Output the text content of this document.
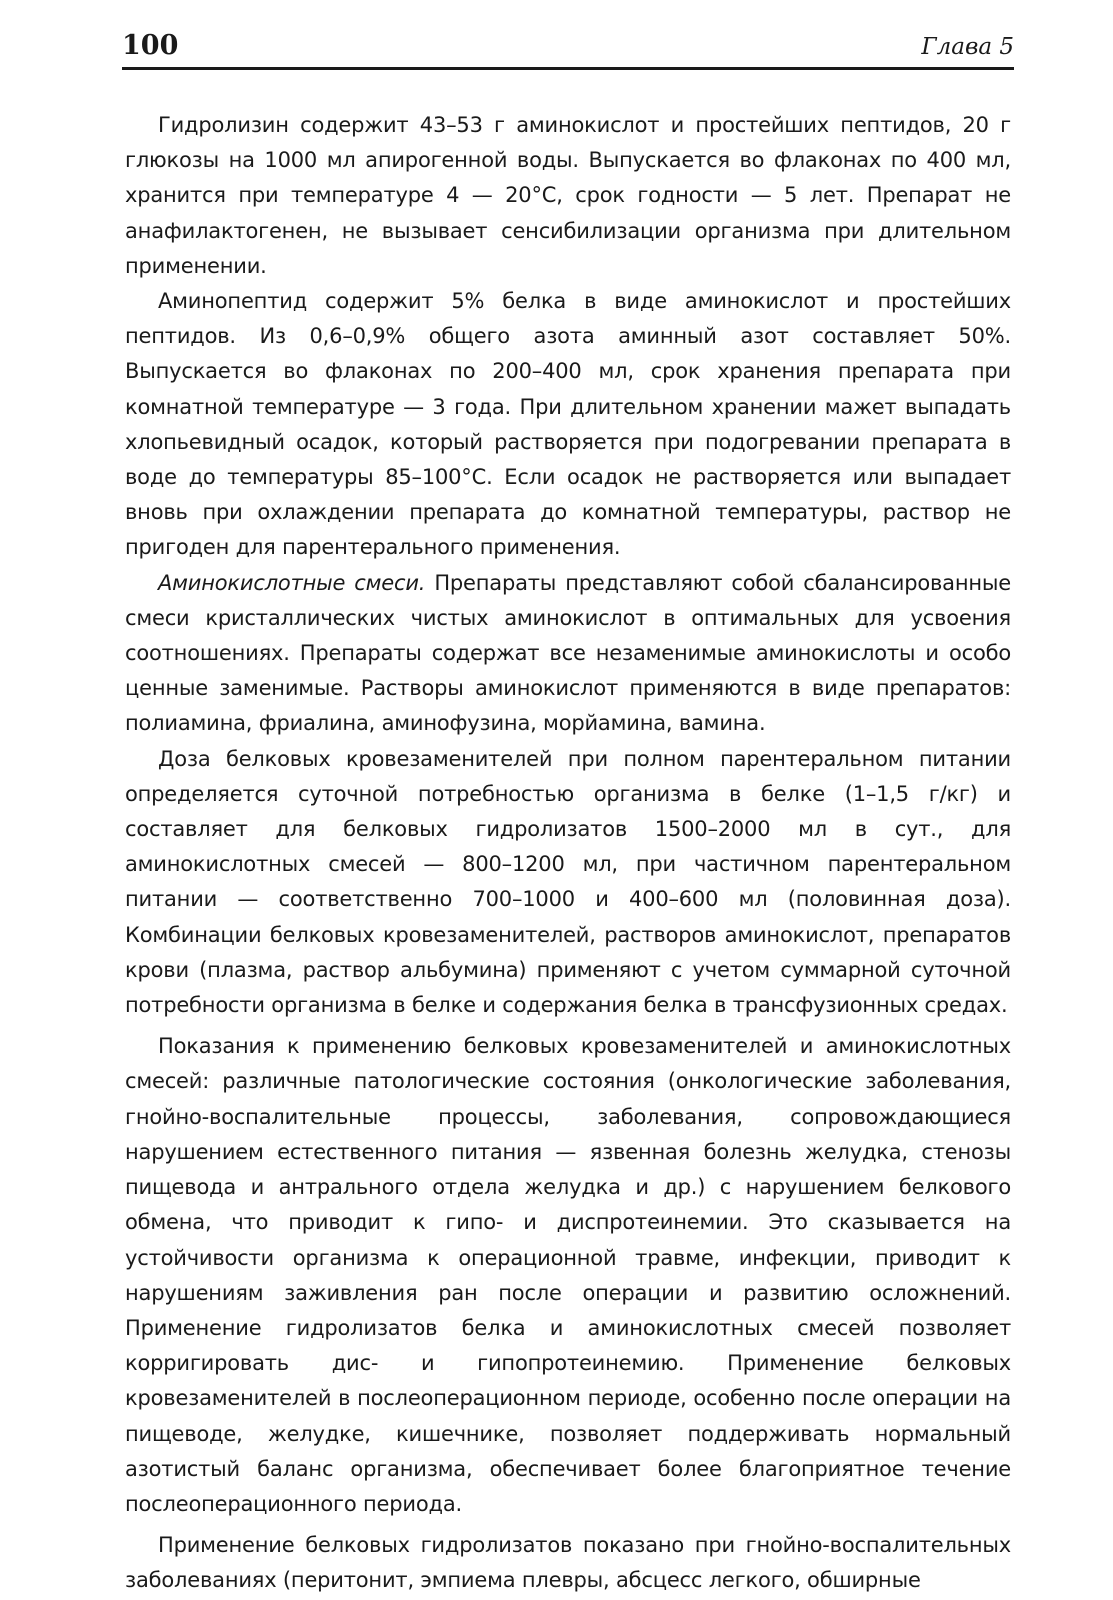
100	Глава 5

Гидролизин содержит 43–53 г аминокислот и простейших пептидов, 20 г глюкозы на 1000 мл апирогенной воды. Выпускается во флаконах по 400 мл, хранится при температуре 4 — 20°С, срок годности — 5 лет. Препарат не анафилактогенен, не вызывает сенсибилизации организма при длительном применении.

Аминопептид содержит 5% белка в виде аминокислот и простейших пептидов. Из 0,6–0,9% общего азота аминный азот составляет 50%. Выпускается во флаконах по 200–400 мл, срок хранения препарата при комнатной температуре — 3 года. При длительном хранении мажет выпадать хлопьевидный осадок, который растворяется при подогревании препарата в воде до температуры 85–100°С. Если осадок не растворяется или выпадает вновь при охлаждении препарата до комнатной температуры, раствор не пригоден для парентерального применения.

Аминокислотные смеси. Препараты представляют собой сбалансированные смеси кристаллических чистых аминокислот в оптимальных для усвоения соотношениях. Препараты содержат все незаменимые аминокислоты и особо ценные заменимые. Растворы аминокислот применяются в виде препаратов: полиамина, фриалина, аминофузина, морйамина, вамина.

Доза белковых кровезаменителей при полном парентеральном питании определяется суточной потребностью организма в белке (1–1,5 г/кг) и составляет для белковых гидролизатов 1500–2000 мл в сут., для аминокислотных смесей — 800–1200 мл, при частичном парентеральном питании — соответственно 700–1000 и 400–600 мл (половинная доза). Комбинации белковых кровезаменителей, растворов аминокислот, препаратов крови (плазма, раствор альбумина) применяют с учетом суммарной суточной потребности организма в белке и содержания белка в трансфузионных средах.

Показания к применению белковых кровезаменителей и аминокислотных смесей: различные патологические состояния (онкологические заболевания, гнойно-воспалительные процессы, заболевания, сопровождающиеся нарушением естественного питания — язвенная болезнь желудка, стенозы пищевода и антрального отдела желудка и др.) с нарушением белкового обмена, что приводит к гипо- и диспротеинемии. Это сказывается на устойчивости организма к операционной травме, инфекции, приводит к нарушениям заживления ран после операции и развитию осложнений. Применение гидролизатов белка и аминокислотных смесей позволяет корригировать дис- и гипопротеинемию. Применение белковых кровезаменителей в послеоперационном периоде, особенно после операции на пищеводе, желудке, кишечнике, позволяет поддерживать нормальный азотистый баланс организма, обеспечивает более благоприятное течение послеоперационного периода.

Применение белковых гидролизатов показано при гнойно-воспалительных заболеваниях (перитонит, эмпиема плевры, абсцесс легкого, обширные
